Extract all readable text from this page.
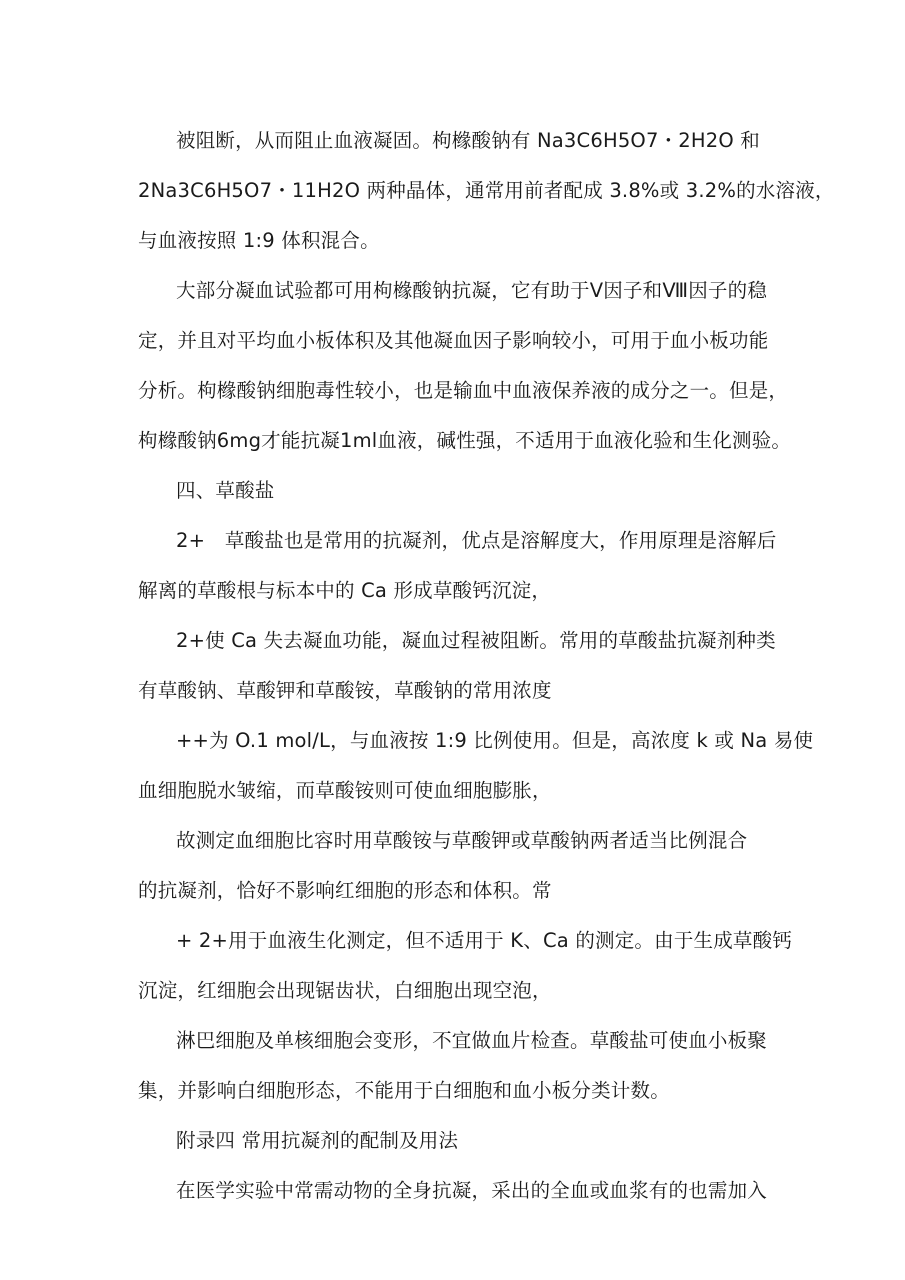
被阻断，从而阻止血液凝固。枸橼酸钠有 Na3C6H5O7・2H2O 和
2Na3C6H5O7・11H2O 两种晶体，通常用前者配成 3.8%或 3.2%的水溶液，
与血液按照 1:9 体积混合。
大部分凝血试验都可用枸橼酸钠抗凝，它有助于Ⅴ因子和Ⅷ因子的稳
定，并且对平均血小板体积及其他凝血因子影响较小，可用于血小板功能
分析。枸橼酸钠细胞毒性较小，也是输血中血液保养液的成分之一。但是，
枸橼酸钠6mg才能抗凝1ml血液，碱性强，不适用于血液化验和生化测验。
四、草酸盐
2+　草酸盐也是常用的抗凝剂，优点是溶解度大，作用原理是溶解后
解离的草酸根与标本中的 Ca 形成草酸钙沉淀，
2+使 Ca 失去凝血功能，凝血过程被阻断。常用的草酸盐抗凝剂种类
有草酸钠、草酸钾和草酸铵，草酸钠的常用浓度
++为 O.1 mol/L，与血液按 1:9 比例使用。但是，高浓度 k 或 Na 易使
血细胞脱水皱缩，而草酸铵则可使血细胞膨胀，
故测定血细胞比容时用草酸铵与草酸钾或草酸钠两者适当比例混合
的抗凝剂，恰好不影响红细胞的形态和体积。常
+ 2+用于血液生化测定，但不适用于 K、Ca 的测定。由于生成草酸钙
沉淀，红细胞会出现锯齿状，白细胞出现空泡，
淋巴细胞及单核细胞会变形，不宜做血片检查。草酸盐可使血小板聚
集，并影响白细胞形态，不能用于白细胞和血小板分类计数。
附录四 常用抗凝剂的配制及用法
在医学实验中常需动物的全身抗凝，采出的全血或血浆有的也需加入
